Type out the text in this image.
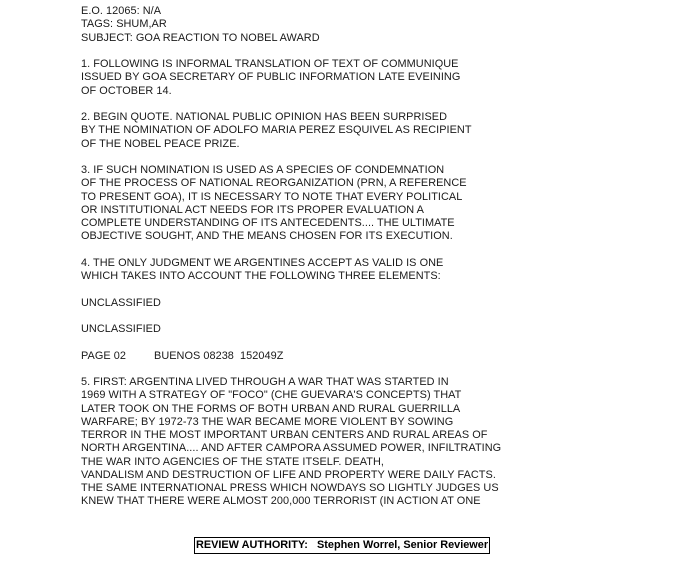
E.O. 12065: N/A
TAGS: SHUM,AR
SUBJECT: GOA REACTION TO NOBEL AWARD
1. FOLLOWING IS INFORMAL TRANSLATION OF TEXT OF COMMUNIQUE
ISSUED BY GOA SECRETARY OF PUBLIC INFORMATION LATE EVEINING
OF OCTOBER 14.
2. BEGIN QUOTE. NATIONAL PUBLIC OPINION HAS BEEN SURPRISED
BY THE NOMINATION OF ADOLFO MARIA PEREZ ESQUIVEL AS RECIPIENT
OF THE NOBEL PEACE PRIZE.
3. IF SUCH NOMINATION IS USED AS A SPECIES OF CONDEMNATION
OF THE PROCESS OF NATIONAL REORGANIZATION (PRN, A REFERENCE
TO PRESENT GOA), IT IS NECESSARY TO NOTE THAT EVERY POLITICAL
OR INSTITUTIONAL ACT NEEDS FOR ITS PROPER EVALUATION A
COMPLETE UNDERSTANDING OF ITS ANTECEDENTS.... THE ULTIMATE
OBJECTIVE SOUGHT, AND THE MEANS CHOSEN FOR ITS EXECUTION.
4. THE ONLY JUDGMENT WE ARGENTINES ACCEPT AS VALID IS ONE
WHICH TAKES INTO ACCOUNT THE FOLLOWING THREE ELEMENTS:
UNCLASSIFIED
UNCLASSIFIED
PAGE 02	BUENOS 08238  152049Z
5. FIRST: ARGENTINA LIVED THROUGH A WAR THAT WAS STARTED IN
1969 WITH A STRATEGY OF "FOCO" (CHE GUEVARA'S CONCEPTS) THAT
LATER TOOK ON THE FORMS OF BOTH URBAN AND RURAL GUERRILLA
WARFARE; BY 1972-73 THE WAR BECAME MORE VIOLENT BY SOWING
TERROR IN THE MOST IMPORTANT URBAN CENTERS AND RURAL AREAS OF
NORTH ARGENTINA.... AND AFTER CAMPORA ASSUMED POWER, INFILTRATING
THE WAR INTO AGENCIES OF THE STATE ITSELF. DEATH,
VANDALISM AND DESTRUCTION OF LIFE AND PROPERTY WERE DAILY FACTS.
THE SAME INTERNATIONAL PRESS WHICH NOWDAYS SO LIGHTLY JUDGES US
KNEW THAT THERE WERE ALMOST 200,000 TERRORIST (IN ACTION AT ONE
REVIEW AUTHORITY:   Stephen Worrel, Senior Reviewer
